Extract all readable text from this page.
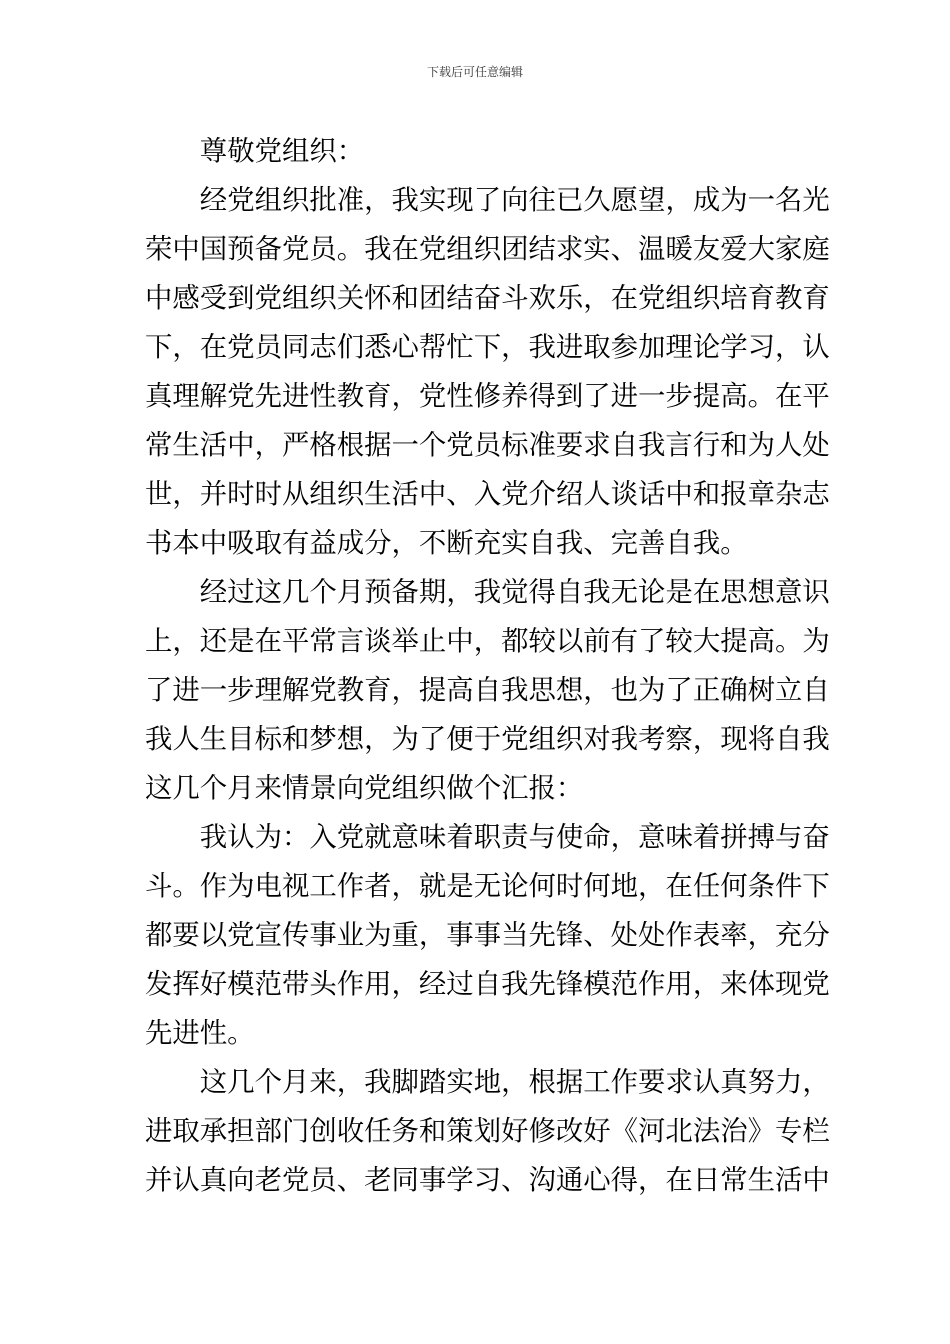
下载后可任意编辑

尊敬党组织：

经党组织批准，我实现了向往已久愿望，成为一名光
荣中国预备党员。我在党组织团结求实、温暖友爱大家庭
中感受到党组织关怀和团结奋斗欢乐，在党组织培育教育
下，在党员同志们悉心帮忙下，我进取参加理论学习，认
真理解党先进性教育，党性修养得到了进一步提高。在平
常生活中，严格根据一个党员标准要求自我言行和为人处
世，并时时从组织生活中、入党介绍人谈话中和报章杂志
书本中吸取有益成分，不断充实自我、完善自我。

经过这几个月预备期，我觉得自我无论是在思想意识
上，还是在平常言谈举止中，都较以前有了较大提高。为
了进一步理解党教育，提高自我思想，也为了正确树立自
我人生目标和梦想，为了便于党组织对我考察，现将自我
这几个月来情景向党组织做个汇报：

我认为：入党就意味着职责与使命，意味着拼搏与奋
斗。作为电视工作者，就是无论何时何地，在任何条件下
都要以党宣传事业为重，事事当先锋、处处作表率，充分
发挥好模范带头作用，经过自我先锋模范作用，来体现党
先进性。

这几个月来，我脚踏实地，根据工作要求认真努力，
进取承担部门创收任务和策划好修改好《河北法治》专栏
并认真向老党员、老同事学习、沟通心得，在日常生活中
